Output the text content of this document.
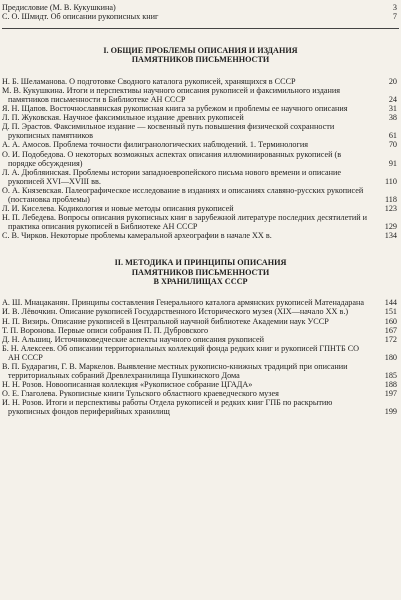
Предисловие (М. В. Кукушкина)	3
С. О. Шмидт. Об описании рукописных книг	7
I. ОБЩИЕ ПРОБЛЕМЫ ОПИСАНИЯ И ИЗДАНИЯ
ПАМЯТНИКОВ ПИСЬМЕННОСТИ
Н. Б. Шеламанова. О подготовке Сводного каталога рукописей, хранящихся в СССР	20
М. В. Кукушкина. Итоги и перспективы научного описания рукописей и факсимильного издания памятников письменности в Библиотеке АН СССР	24
Я. Н. Щапов. Восточнославянская рукописная книга за рубежом и проблемы ее научного описания	31
Л. П. Жуковская. Научное факсимильное издание древних рукописей	38
Д. П. Эрастов. Факсимильное издание — косвенный путь повышения физической сохранности рукописных памятников	61
А. А. Амосов. Проблема точности филигранологических наблюдений. 1. Терминология	70
О. И. Подобедова. О некоторых возможных аспектах описания иллюминированных рукописей (в порядке обсуждения)	91
Л. А. Дюбляинская. Проблемы истории западноевропейского письма нового времени и описание рукописей XVI—XVIII вв.	110
О. А. Князевская. Палеографическое исследование в изданиях и описаниях славяно-русских рукописей (постановка проблемы)	118
Л. И. Киселева. Кодикология и новые методы описания рукописей	123
Н. П. Лебедева. Вопросы описания рукописных книг в зарубежной литературе последних десятилетий и практика описания рукописей в Библиотеке АН СССР	129
С. В. Чирков. Некоторые проблемы камеральной археографии в начале XX в.	134
II. МЕТОДИКА И ПРИНЦИПЫ ОПИСАНИЯ
ПАМЯТНИКОВ ПИСЬМЕННОСТИ
В ХРАНИЛИЩАХ СССР
А. Ш. Мнацаканян. Принципы составления Генерального каталога армянских рукописей Матенадарана	144
И. В. Лёвочкин. Описание рукописей Государственного Исторического музея (XIX—начало XX в.)	151
Н. П. Визирь. Описание рукописей в Центральной научной библиотеке Академии наук УССР	160
Т. П. Воронова. Первые описи собрания П. П. Дубровского	167
Д. Н. Альшиц. Источниковедческие аспекты научного описания рукописей	172
Б. Н. Алексеев. Об описании территориальных коллекций фонда редких книг и рукописей ГПНТБ СО АН СССР	180
В. П. Бударагин, Г. В. Маркелов. Выявление местных рукописно-книжных традиций при описании территориальных собраний Древлехранилища Пушкинского Дома	185
Н. Н. Розов. Новоописанная коллекция «Рукописное собрание ЦГАДА»	188
О. Е. Глаголева. Рукописные книги Тульского областного краеведческого музея	197
И. Н. Розов. Итоги и перспективы работы Отдела рукописей и редких книг ГПБ по раскрытию рукописных фондов периферийных хранилищ	199
